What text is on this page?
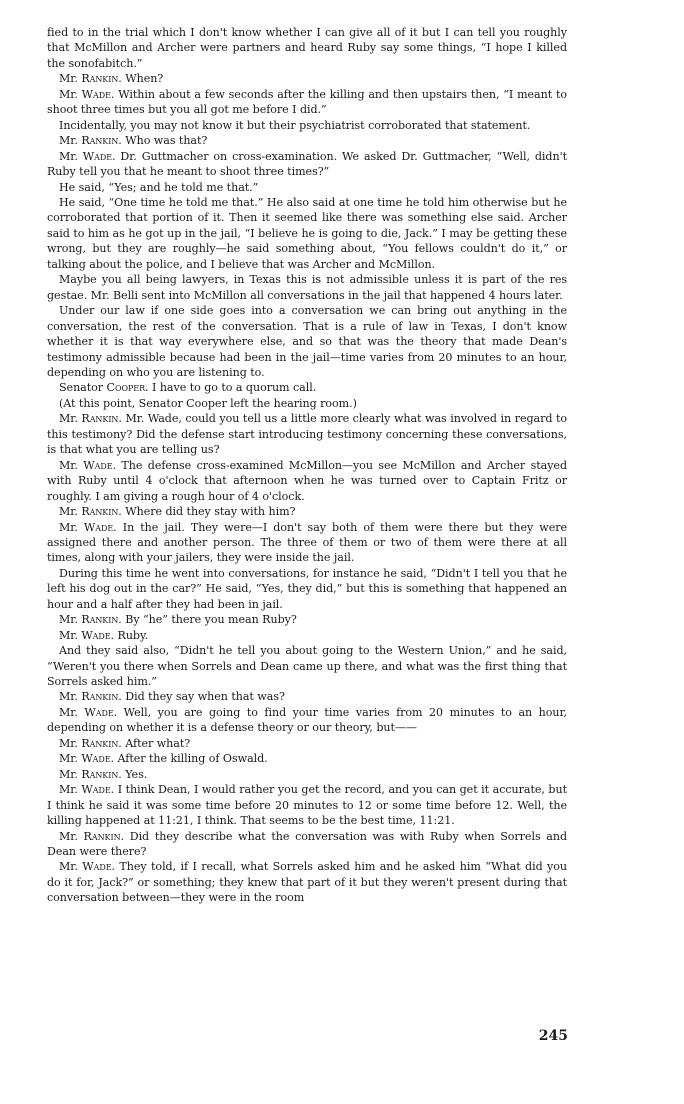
fied to in the trial which I don't know whether I can give all of it but I can tell you roughly that McMillon and Archer were partners and heard Ruby say some things, “I hope I killed the sonofabitch.”

Mr. Rankin. When?

Mr. Wade. Within about a few seconds after the killing and then upstairs then, “I meant to shoot three times but you all got me before I did.”

Incidentally, you may not know it but their psychiatrist corroborated that statement.

Mr. Rankin. Who was that?

Mr. Wade. Dr. Guttmacher on cross-examination. We asked Dr. Guttmacher, “Well, didn't Ruby tell you that he meant to shoot three times?”

He said, “Yes; and he told me that.”

He said, “One time he told me that.” He also said at one time he told him otherwise but he corroborated that portion of it. Then it seemed like there was something else said. Archer said to him as he got up in the jail, “I believe he is going to die, Jack.” I may be getting these wrong, but they are roughly—he said something about, “You fellows couldn't do it,” or talking about the police, and I believe that was Archer and McMillon.

Maybe you all being lawyers, in Texas this is not admissible unless it is part of the res gestae. Mr. Belli sent into McMillon all conversations in the jail that happened 4 hours later.

Under our law if one side goes into a conversation we can bring out anything in the conversation, the rest of the conversation. That is a rule of law in Texas, I don't know whether it is that way everywhere else, and so that was the theory that made Dean's testimony admissible because had been in the jail—time varies from 20 minutes to an hour, depending on who you are listening to.

Senator Cooper. I have to go to a quorum call.

(At this point, Senator Cooper left the hearing room.)

Mr. Rankin. Mr. Wade, could you tell us a little more clearly what was involved in regard to this testimony? Did the defense start introducing testimony concerning these conversations, is that what you are telling us?

Mr. Wade. The defense cross-examined McMillon—you see McMillon and Archer stayed with Ruby until 4 o'clock that afternoon when he was turned over to Captain Fritz or roughly. I am giving a rough hour of 4 o'clock.

Mr. Rankin. Where did they stay with him?

Mr. Wade. In the jail. They were—I don't say both of them were there but they were assigned there and another person. The three of them or two of them were there at all times, along with your jailers, they were inside the jail.

During this time he went into conversations, for instance he said, “Didn't I tell you that he left his dog out in the car?” He said, “Yes, they did,” but this is something that happened an hour and a half after they had been in jail.

Mr. Rankin. By “he” there you mean Ruby?

Mr. Wade. Ruby.

And they said also, “Didn't he tell you about going to the Western Union,” and he said, “Weren't you there when Sorrels and Dean came up there, and what was the first thing that Sorrels asked him.”

Mr. Rankin. Did they say when that was?

Mr. Wade. Well, you are going to find your time varies from 20 minutes to an hour, depending on whether it is a defense theory or our theory, but——

Mr. Rankin. After what?

Mr. Wade. After the killing of Oswald.

Mr. Rankin. Yes.

Mr. Wade. I think Dean, I would rather you get the record, and you can get it accurate, but I think he said it was some time before 20 minutes to 12 or some time before 12. Well, the killing happened at 11:21, I think. That seems to be the best time, 11:21.

Mr. Rankin. Did they describe what the conversation was with Ruby when Sorrels and Dean were there?

Mr. Wade. They told, if I recall, what Sorrels asked him and he asked him “What did you do it for, Jack?” or something; they knew that part of it but they weren't present during that conversation between—they were in the room

245
